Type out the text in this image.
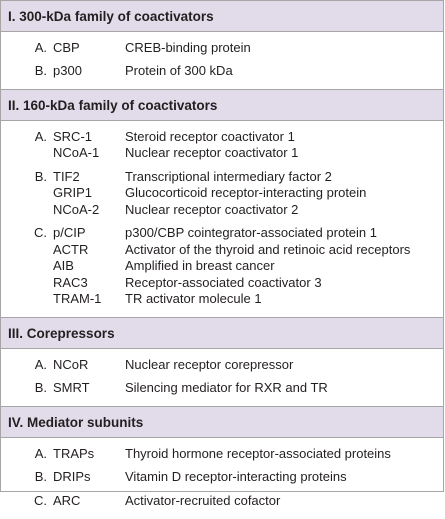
I.
300-kDa family of coactivators
A. CBP	CREB-binding protein
B. p300	Protein of 300 kDa
II.
160-kDa family of coactivators
A. SRC-1	Steroid receptor coactivator 1
NCoA-1	Nuclear receptor coactivator 1
B. TIF2	Transcriptional intermediary factor 2
GRIP1	Glucocorticoid receptor-interacting protein
NCoA-2	Nuclear receptor coactivator 2
C. p/CIP	p300/CBP cointegrator-associated protein 1
ACTR	Activator of the thyroid and retinoic acid receptors
AIB	Amplified in breast cancer
RAC3	Receptor-associated coactivator 3
TRAM-1	TR activator molecule 1
III.
Corepressors
A. NCoR	Nuclear receptor corepressor
B. SMRT	Silencing mediator for RXR and TR
IV.
Mediator subunits
A. TRAPs	Thyroid hormone receptor-associated proteins
B. DRIPs	Vitamin D receptor-interacting proteins
C. ARC	Activator-recruited cofactor
